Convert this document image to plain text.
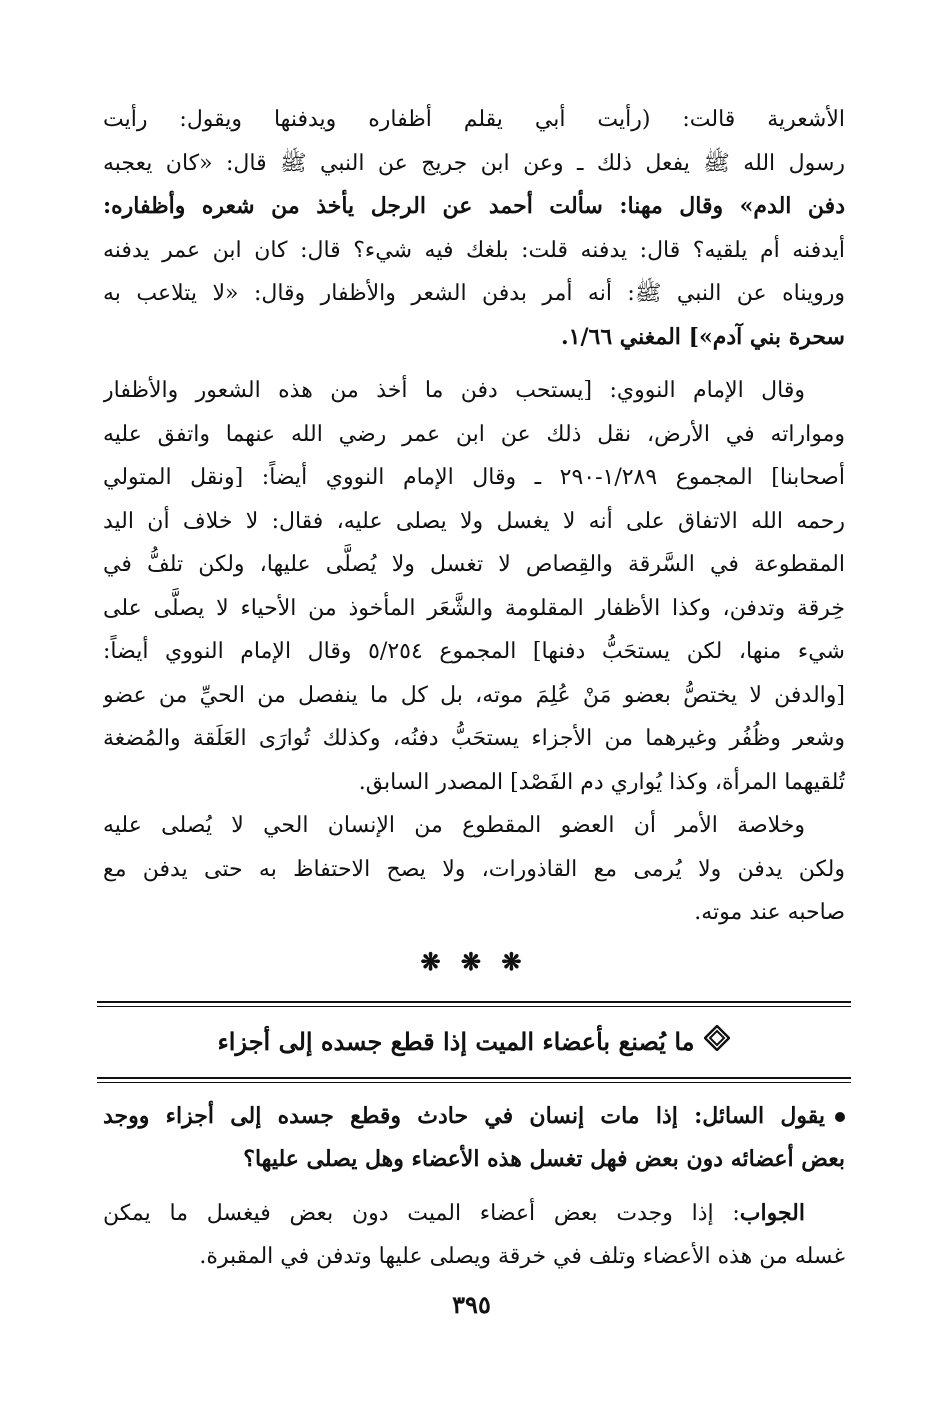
الأشعرية قالت: (رأيت أبي يقلم أظفاره ويدفنها ويقول: رأيت
رسول الله ﷺ يفعل ذلك ـ وعن ابن جريج عن النبي ﷺ قال: «كان يعجبه
دفن الدم» وقال مهنا: سألت أحمد عن الرجل يأخذ من شعره وأظفاره:
أيدفنه أم يلقيه؟ قال: يدفنه قلت: بلغك فيه شيء؟ قال: كان ابن عمر يدفنه
ورويناه عن النبي ﷺ: أنه أمر بدفن الشعر والأظفار وقال: «لا يتلاعب به
سحرة بني آدم»] المغني ١/٦٦.
وقال الإمام النووي: [يستحب دفن ما أخذ من هذه الشعور والأظفار
ومواراته في الأرض، نقل ذلك عن ابن عمر رضي الله عنهما واتفق عليه
أصحابنا] المجموع ١/٢٨٩-٢٩٠ ـ وقال الإمام النووي أيضاً: [ونقل المتولي
رحمه الله الاتفاق على أنه لا يغسل ولا يصلى عليه، فقال: لا خلاف أن اليد
المقطوعة في السَّرقة والقِصاص لا تغسل ولا يُصلَّى عليها، ولكن تلفُّ في
خِرقة وتدفن، وكذا الأظفار المقلومة والشَّعَر المأخوذ من الأحياء لا يصلَّى على
شيء منها، لكن يستحَبُّ دفنها] المجموع ٥/٢٥٤ وقال الإمام النووي أيضاً:
[والدفن لا يختصُّ بعضو مَنْ عُلِمَ موته، بل كل ما ينفصل من الحيِّ من عضو
وشعر وظُفُر وغيرهما من الأجزاء يستحَبُّ دفنُه، وكذلك تُوارَى العَلَقة والمُضغة
تُلقيهما المرأة، وكذا يُواري دم الفَصْد] المصدر السابق.
وخلاصة الأمر أن العضو المقطوع من الإنسان الحي لا يُصلى عليه
ولكن يدفن ولا يُرمى مع القاذورات، ولا يصح الاحتفاظ به حتى يدفن مع
صاحبه عند موته.
❋ ❋ ❋
ما يُصنع بأعضاء الميت إذا قطع جسده إلى أجزاء
يقول السائل: إذا مات إنسان في حادث وقطع جسده إلى أجزاء ووجد
بعض أعضائه دون بعض فهل تغسل هذه الأعضاء وهل يصلى عليها؟
الجواب: إذا وجدت بعض أعضاء الميت دون بعض فيغسل ما يمكن
غسله من هذه الأعضاء وتلف في خرقة ويصلى عليها وتدفن في المقبرة.
٣٩٥
